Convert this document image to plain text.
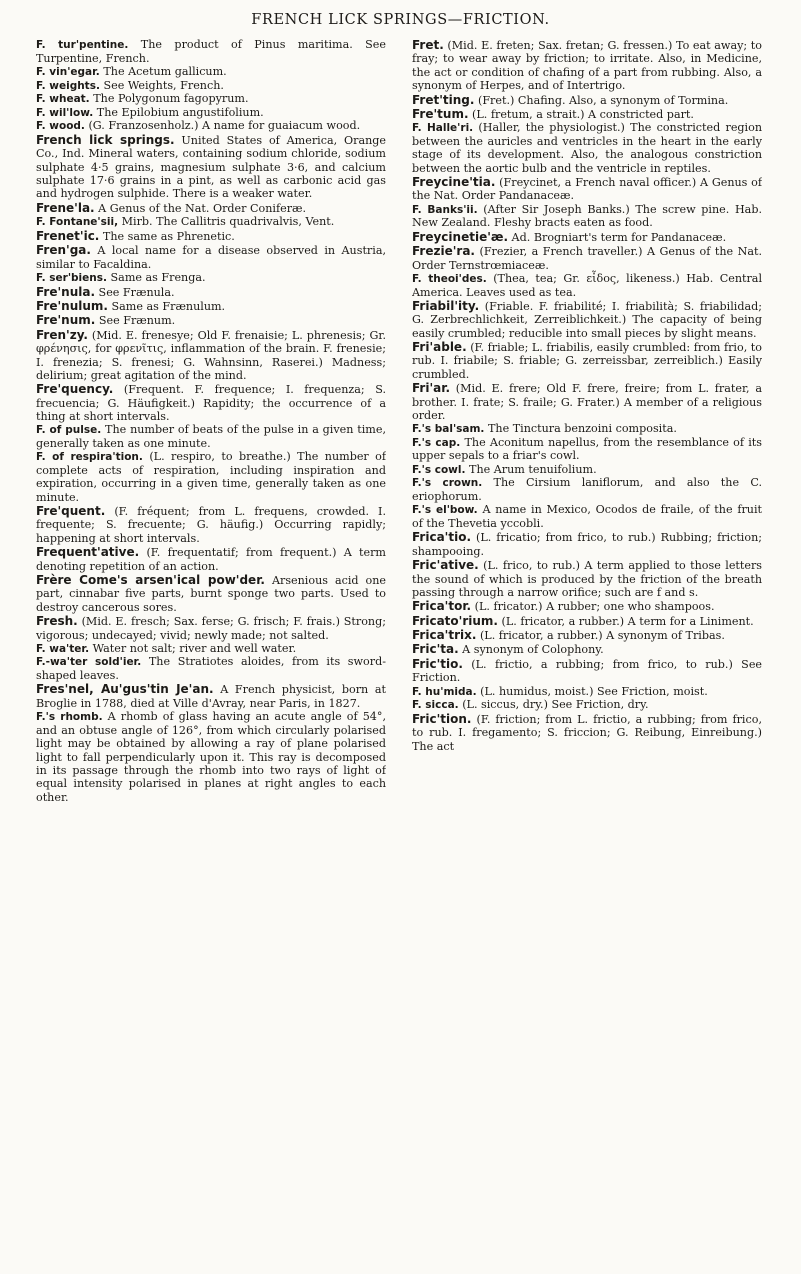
FRENCH LICK SPRINGS—FRICTION.

F. tur'pentine. The product of Pinus maritima. See Turpentine, French.

F. vin'egar. The Acetum gallicum.

F. weights. See Weights, French.

F. wheat. The Polygonum fagopyrum.

F. wil'low. The Epilobium angustifolium.

F. wood. (G. Franzosenholz.) A name for guaiacum wood.

French lick springs. United States of America, Orange Co., Ind. Mineral waters, containing sodium chloride, sodium sulphate 4·5 grains, magnesium sulphate 3·6, and calcium sulphate 17·6 grains in a pint, as well as carbonic acid gas and hydrogen sulphide. There is a weaker water.

Frene'la. A Genus of the Nat. Order Coniferæ.

F. Fontane'sii, Mirb. The Callitris quadrivalvis, Vent.

Frenet'ic. The same as Phrenetic.

Fren'ga. A local name for a disease observed in Austria, similar to Facaldina.

F. ser'biens. Same as Frenga.

Fre'nula. See Frænula.

Fre'nulum. Same as Frænulum.

Fre'num. See Frænum.

Fren'zy. (Mid. E. frenesye; Old F. frenaisie; L. phrenesis; Gr. φρένησις, for φρενῖτις, inflammation of the brain. F. frenesie; I. frenezia; S. frenesi; G. Wahnsinn, Raserei.) Madness; delirium; great agitation of the mind.

Fre'quency. (Frequent. F. frequence; I. frequenza; S. frecuencia; G. Häufigkeit.) Rapidity; the occurrence of a thing at short intervals.

F. of pulse. The number of beats of the pulse in a given time, generally taken as one minute.

F. of respira'tion. (L. respiro, to breathe.) The number of complete acts of respiration, including inspiration and expiration, occurring in a given time, generally taken as one minute.

Fre'quent. (F. fréquent; from L. frequens, crowded. I. frequente; S. frecuente; G. häufig.) Occurring rapidly; happening at short intervals.

Frequent'ative. (F. frequentatif; from frequent.) A term denoting repetition of an action.

Frère Come's arsen'ical pow'der. Arsenious acid one part, cinnabar five parts, burnt sponge two parts. Used to destroy cancerous sores.

Fresh. (Mid. E. fresch; Sax. ferse; G. frisch; F. frais.) Strong; vigorous; undecayed; vivid; newly made; not salted.

F. wa'ter. Water not salt; river and well water.

F.-wa'ter sold'ier. The Stratiotes aloides, from its sword-shaped leaves.

Fres'nel, Au'gus'tin Je'an. A French physicist, born at Broglie in 1788, died at Ville d'Avray, near Paris, in 1827.

F.'s rhomb. A rhomb of glass having an acute angle of 54°, and an obtuse angle of 126°, from which circularly polarised light may be obtained by allowing a ray of plane polarised light to fall perpendicularly upon it. This ray is decomposed in its passage through the rhomb into two rays of light of equal intensity polarised in planes at right angles to each other.

Fret. (Mid. E. freten; Sax. fretan; G. fressen.) To eat away; to fray; to wear away by friction; to irritate. Also, in Medicine, the act or condition of chafing of a part from rubbing. Also, a synonym of Herpes, and of Intertrigo.

Fret'ting. (Fret.) Chafing. Also, a synonym of Tormina.

Fre'tum. (L. fretum, a strait.) A constricted part.

F. Halle'ri. (Haller, the physiologist.) The constricted region between the auricles and ventricles in the heart in the early stage of its development. Also, the analogous constriction between the aortic bulb and the ventricle in reptiles.

Freycine'tia. (Freycinet, a French naval officer.) A Genus of the Nat. Order Pandanaceæ.

F. Banks'ii. (After Sir Joseph Banks.) The screw pine. Hab. New Zealand. Fleshy bracts eaten as food.

Freycinetie'æ. Ad. Brogniart's term for Pandanaceæ.

Frezie'ra. (Frezier, a French traveller.) A Genus of the Nat. Order Ternstrœmiaceæ.

F. theoi'des. (Thea, tea; Gr. εἶδος, likeness.) Hab. Central America. Leaves used as tea.

Friabil'ity. (Friable. F. friabilité; I. friabilità; S. friabilidad; G. Zerbrechlichkeit, Zerreiblichkeit.) The capacity of being easily crumbled; reducible into small pieces by slight means.

Fri'able. (F. friable; L. friabilis, easily crumbled: from frio, to rub. I. friabile; S. friable; G. zerreissbar, zerreiblich.) Easily crumbled.

Fri'ar. (Mid. E. frere; Old F. frere, freire; from L. frater, a brother. I. frate; S. fraile; G. Frater.) A member of a religious order.

F.'s bal'sam. The Tinctura benzoini composita.

F.'s cap. The Aconitum napellus, from the resemblance of its upper sepals to a friar's cowl.

F.'s cowl. The Arum tenuifolium.

F.'s crown. The Cirsium laniflorum, and also the C. eriophorum.

F.'s el'bow. A name in Mexico, Ocodos de fraile, of the fruit of the Thevetia yccobli.

Frica'tio. (L. fricatio; from frico, to rub.) Rubbing; friction; shampooing.

Fric'ative. (L. frico, to rub.) A term applied to those letters the sound of which is produced by the friction of the breath passing through a narrow orifice; such are f and s.

Frica'tor. (L. fricator.) A rubber; one who shampoos.

Fricato'rium. (L. fricator, a rubber.) A term for a Liniment.

Frica'trix. (L. fricator, a rubber.) A synonym of Tribas.

Fric'ta. A synonym of Colophony.

Fric'tio. (L. frictio, a rubbing; from frico, to rub.) See Friction.

F. hu'mida. (L. humidus, moist.) See Friction, moist.

F. sicca. (L. siccus, dry.) See Friction, dry.

Fric'tion. (F. friction; from L. frictio, a rubbing; from frico, to rub. I. fregamento; S. friccion; G. Reibung, Einreibung.) The act
